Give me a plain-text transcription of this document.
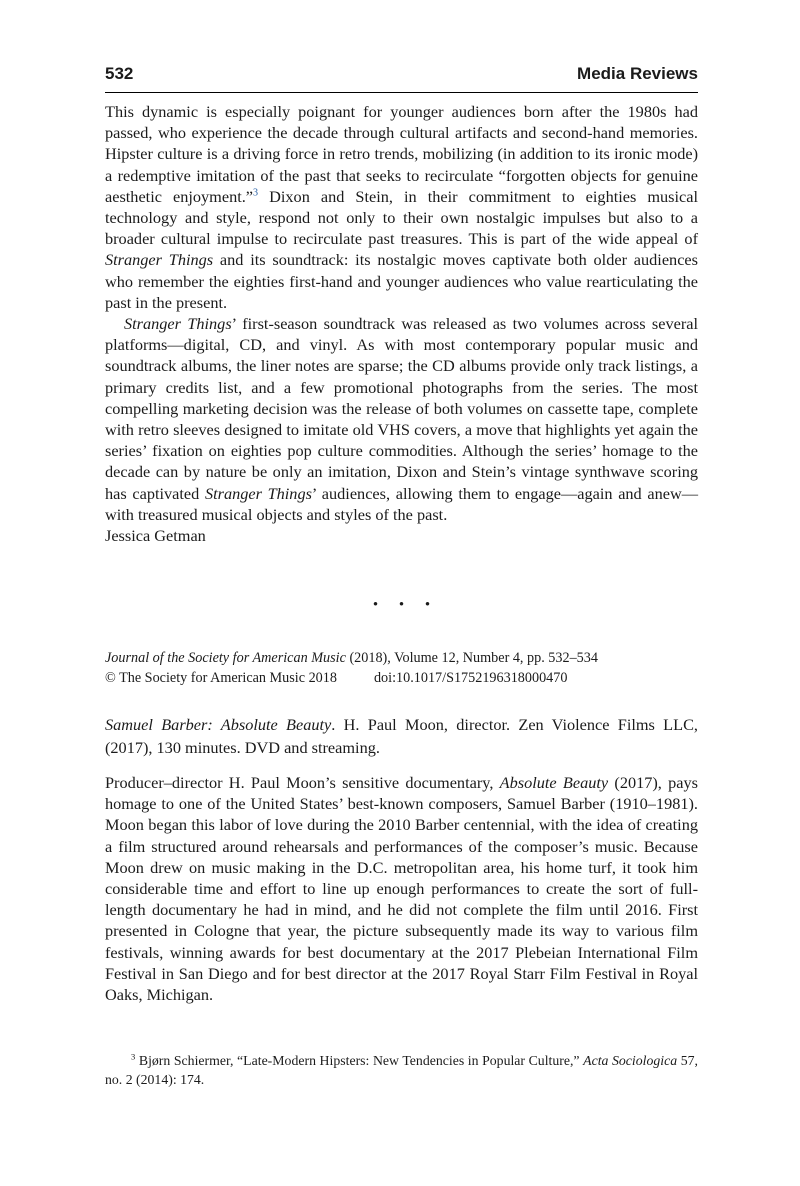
532	Media Reviews

This dynamic is especially poignant for younger audiences born after the 1980s had passed, who experience the decade through cultural artifacts and second-hand memories. Hipster culture is a driving force in retro trends, mobilizing (in addition to its ironic mode) a redemptive imitation of the past that seeks to recirculate “forgotten objects for genuine aesthetic enjoyment.”$^3$ Dixon and Stein, in their commitment to eighties musical technology and style, respond not only to their own nostalgic impulses but also to a broader cultural impulse to recirculate past treasures. This is part of the wide appeal of Stranger Things and its soundtrack: its nostalgic moves captivate both older audiences who remember the eighties first-hand and younger audiences who value rearticulating the past in the present.

Stranger Things’ first-season soundtrack was released as two volumes across several platforms—digital, CD, and vinyl. As with most contemporary popular music and soundtrack albums, the liner notes are sparse; the CD albums provide only track listings, a primary credits list, and a few promotional photographs from the series. The most compelling marketing decision was the release of both volumes on cassette tape, complete with retro sleeves designed to imitate old VHS covers, a move that highlights yet again the series’ fixation on eighties pop culture commodities. Although the series’ homage to the decade can by nature be only an imitation, Dixon and Stein’s vintage synthwave scoring has captivated Stranger Things’ audiences, allowing them to engage—again and anew—with treasured musical objects and styles of the past.

Jessica Getman

• • •
Journal of the Society for American Music (2018), Volume 12, Number 4, pp. 532–534
© The Society for American Music 2018	doi:10.1017/S1752196318000470
Samuel Barber: Absolute Beauty. H. Paul Moon, director. Zen Violence Films LLC, (2017), 130 minutes. DVD and streaming.

Producer–director H. Paul Moon’s sensitive documentary, Absolute Beauty (2017), pays homage to one of the United States’ best-known composers, Samuel Barber (1910–1981). Moon began this labor of love during the 2010 Barber centennial, with the idea of creating a film structured around rehearsals and performances of the composer’s music. Because Moon drew on music making in the D.C. metropolitan area, his home turf, it took him considerable time and effort to line up enough performances to create the sort of full-length documentary he had in mind, and he did not complete the film until 2016. First presented in Cologne that year, the picture subsequently made its way to various film festivals, winning awards for best documentary at the 2017 Plebeian International Film Festival in San Diego and for best director at the 2017 Royal Starr Film Festival in Royal Oaks, Michigan.

$^3$ Bjørn Schiermer, “Late-Modern Hipsters: New Tendencies in Popular Culture,” Acta Sociologica 57, no. 2 (2014): 174.
